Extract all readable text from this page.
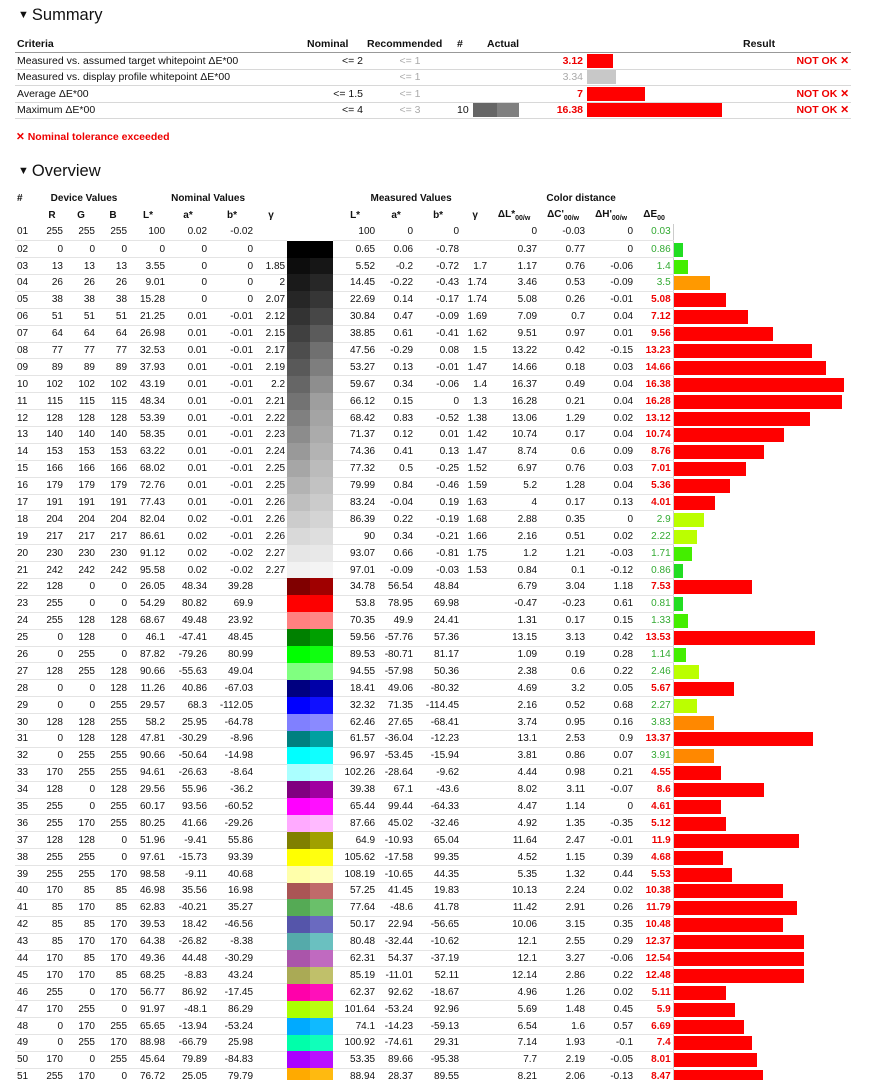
▼ Summary
Criteria	Nominal	Recommended	#	Actual		Result
Measured vs. assumed target whitepoint ΔE*00	<= 2	<= 1		3.12		NOT OK ✕
Measured vs. display profile whitepoint ΔE*00		<= 1		3.34		
Average ΔE*00	<= 1.5	<= 1		7		NOT OK ✕
Maximum ΔE*00	<= 4	<= 3	10	16.38		NOT OK ✕
✕ Nominal tolerance exceeded
▼ Overview
#	Device Values			Nominal Values					Measured Values				Color distance				
	R	G	B	L*	a*	b*	γ		L*	a*	b*	γ	$\Delta L*_{00/w}$	$\Delta C'_{00/w}$	$\Delta H'_{00/w}$	$\Delta E_{00}$	
01	255	255	255	100	0.02	-0.02			100	0	0		0	-0.03	0	0.03	

02	0	0	0	0	0	0			0.65	0.06	-0.78		0.37	0.77	0	0.86	

03	13	13	13	3.55	0	0	1.85		5.52	-0.2	-0.72	1.7	1.17	0.76	-0.06	1.4	

04	26	26	26	9.01	0	0	2		14.45	-0.22	-0.43	1.74	3.46	0.53	-0.09	3.5	

05	38	38	38	15.28	0	0	2.07		22.69	0.14	-0.17	1.74	5.08	0.26	-0.01	5.08	

06	51	51	51	21.25	0.01	-0.01	2.12		30.84	0.47	-0.09	1.69	7.09	0.7	0.04	7.12	

07	64	64	64	26.98	0.01	-0.01	2.15		38.85	0.61	-0.41	1.62	9.51	0.97	0.01	9.56	

08	77	77	77	32.53	0.01	-0.01	2.17		47.56	-0.29	0.08	1.5	13.22	0.42	-0.15	13.23	

09	89	89	89	37.93	0.01	-0.01	2.19		53.27	0.13	-0.01	1.47	14.66	0.18	0.03	14.66	

10	102	102	102	43.19	0.01	-0.01	2.2		59.67	0.34	-0.06	1.4	16.37	0.49	0.04	16.38	

11	115	115	115	48.34	0.01	-0.01	2.21		66.12	0.15	0	1.3	16.28	0.21	0.04	16.28	

12	128	128	128	53.39	0.01	-0.01	2.22		68.42	0.83	-0.52	1.38	13.06	1.29	0.02	13.12	

13	140	140	140	58.35	0.01	-0.01	2.23		71.37	0.12	0.01	1.42	10.74	0.17	0.04	10.74	

14	153	153	153	63.22	0.01	-0.01	2.24		74.36	0.41	0.13	1.47	8.74	0.6	0.09	8.76	

15	166	166	166	68.02	0.01	-0.01	2.25		77.32	0.5	-0.25	1.52	6.97	0.76	0.03	7.01	

16	179	179	179	72.76	0.01	-0.01	2.25		79.99	0.84	-0.46	1.59	5.2	1.28	0.04	5.36	

17	191	191	191	77.43	0.01	-0.01	2.26		83.24	-0.04	0.19	1.63	4	0.17	0.13	4.01	

18	204	204	204	82.04	0.02	-0.01	2.26		86.39	0.22	-0.19	1.68	2.88	0.35	0	2.9	

19	217	217	217	86.61	0.02	-0.01	2.26		90	0.34	-0.21	1.66	2.16	0.51	0.02	2.22	

20	230	230	230	91.12	0.02	-0.02	2.27		93.07	0.66	-0.81	1.75	1.2	1.21	-0.03	1.71	

21	242	242	242	95.58	0.02	-0.02	2.27		97.01	-0.09	-0.03	1.53	0.84	0.1	-0.12	0.86	

22	128	0	0	26.05	48.34	39.28			34.78	56.54	48.84		6.79	3.04	1.18	7.53	

23	255	0	0	54.29	80.82	69.9			53.8	78.95	69.98		-0.47	-0.23	0.61	0.81	

24	255	128	128	68.67	49.48	23.92			70.35	49.9	24.41		1.31	0.17	0.15	1.33	

25	0	128	0	46.1	-47.41	48.45			59.56	-57.76	57.36		13.15	3.13	0.42	13.53	

26	0	255	0	87.82	-79.26	80.99			89.53	-80.71	81.17		1.09	0.19	0.28	1.14	

27	128	255	128	90.66	-55.63	49.04			94.55	-57.98	50.36		2.38	0.6	0.22	2.46	

28	0	0	128	11.26	40.86	-67.03			18.41	49.06	-80.32		4.69	3.2	0.05	5.67	

29	0	0	255	29.57	68.3	-112.05			32.32	71.35	-114.45		2.16	0.52	0.68	2.27	

30	128	128	255	58.2	25.95	-64.78			62.46	27.65	-68.41		3.74	0.95	0.16	3.83	

31	0	128	128	47.81	-30.29	-8.96			61.57	-36.04	-12.23		13.1	2.53	0.9	13.37	

32	0	255	255	90.66	-50.64	-14.98			96.97	-53.45	-15.94		3.81	0.86	0.07	3.91	

33	170	255	255	94.61	-26.63	-8.64			102.26	-28.64	-9.62		4.44	0.98	0.21	4.55	

34	128	0	128	29.56	55.96	-36.2			39.38	67.1	-43.6		8.02	3.11	-0.07	8.6	

35	255	0	255	60.17	93.56	-60.52			65.44	99.44	-64.33		4.47	1.14	0	4.61	

36	255	170	255	80.25	41.66	-29.26			87.66	45.02	-32.46		4.92	1.35	-0.35	5.12	

37	128	128	0	51.96	-9.41	55.86			64.9	-10.93	65.04		11.64	2.47	-0.01	11.9	

38	255	255	0	97.61	-15.73	93.39			105.62	-17.58	99.35		4.52	1.15	0.39	4.68	

39	255	255	170	98.58	-9.11	40.68			108.19	-10.65	44.35		5.35	1.32	0.44	5.53	

40	170	85	85	46.98	35.56	16.98			57.25	41.45	19.83		10.13	2.24	0.02	10.38	

41	85	170	85	62.83	-40.21	35.27			77.64	-48.6	41.78		11.42	2.91	0.26	11.79	

42	85	85	170	39.53	18.42	-46.56			50.17	22.94	-56.65		10.06	3.15	0.35	10.48	

43	85	170	170	64.38	-26.82	-8.38			80.48	-32.44	-10.62		12.1	2.55	0.29	12.37	

44	170	85	170	49.36	44.48	-30.29			62.31	54.37	-37.19		12.1	3.27	-0.06	12.54	

45	170	170	85	68.25	-8.83	43.24			85.19	-11.01	52.11		12.14	2.86	0.22	12.48	

46	255	0	170	56.77	86.92	-17.45			62.37	92.62	-18.67		4.96	1.26	0.02	5.11	

47	170	255	0	91.97	-48.1	86.29			101.64	-53.24	92.96		5.69	1.48	0.45	5.9	

48	0	170	255	65.65	-13.94	-53.24			74.1	-14.23	-59.13		6.54	1.6	0.57	6.69	

49	0	255	170	88.98	-66.79	25.98			100.92	-74.61	29.31		7.14	1.93	-0.1	7.4	

50	170	0	255	45.64	79.89	-84.83			53.35	89.66	-95.38		7.7	2.19	-0.05	8.01	

51	255	170	0	76.72	25.05	79.79			88.94	28.37	89.55		8.21	2.06	-0.13	8.47	
